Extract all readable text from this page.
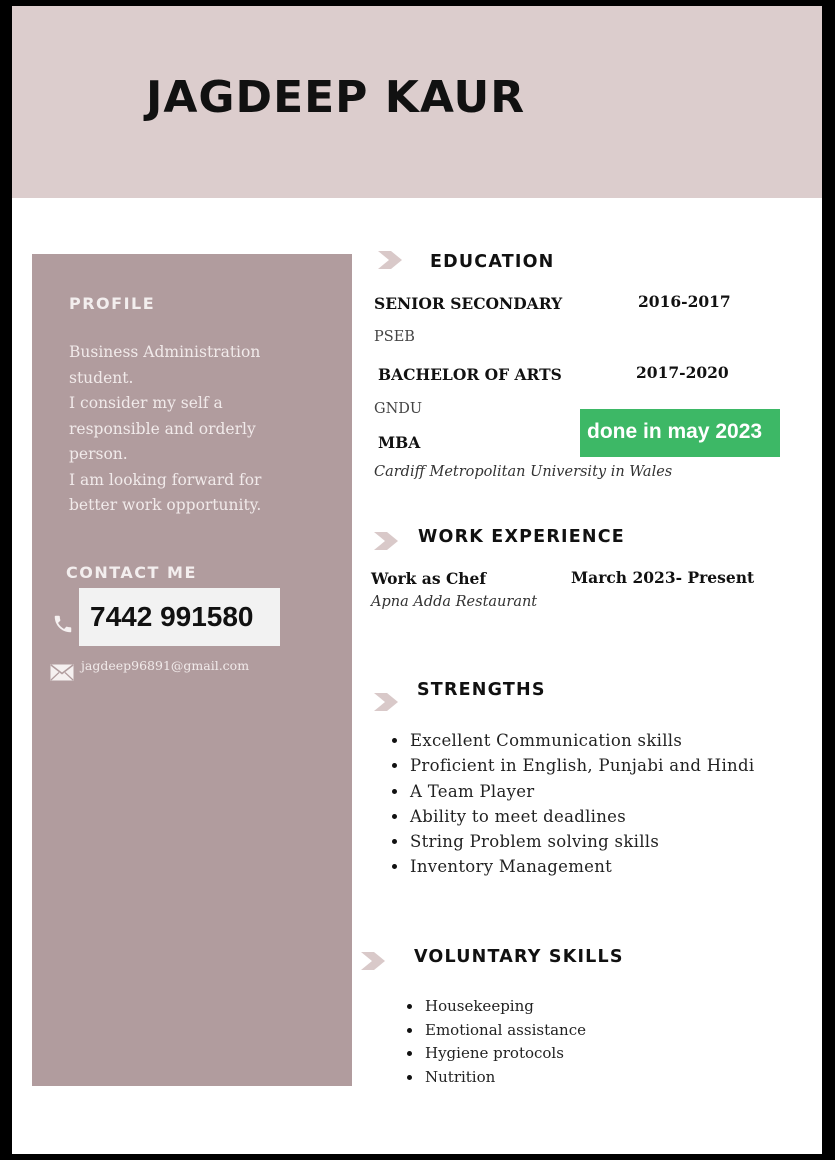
JAGDEEP KAUR
PROFILE
Business Administration
student.
I consider my self a
responsible and orderly
person.
I am looking forward for
better work opportunity.
CONTACT ME
7442 991580
jagdeep96891@gmail.com
EDUCATION
SENIOR SECONDARY	2016-2017
PSEB
BACHELOR OF ARTS	2017-2020
GNDU
MBA	done in may 2023
Cardiff Metropolitan University in Wales
WORK EXPERIENCE
Work as Chef	March 2023- Present
Apna Adda Restaurant
STRENGTHS
Excellent Communication skills
Proficient in English, Punjabi and Hindi
A Team Player
Ability to meet deadlines
String Problem solving skills
Inventory Management
VOLUNTARY SKILLS
Housekeeping
Emotional assistance
Hygiene protocols
Nutrition
